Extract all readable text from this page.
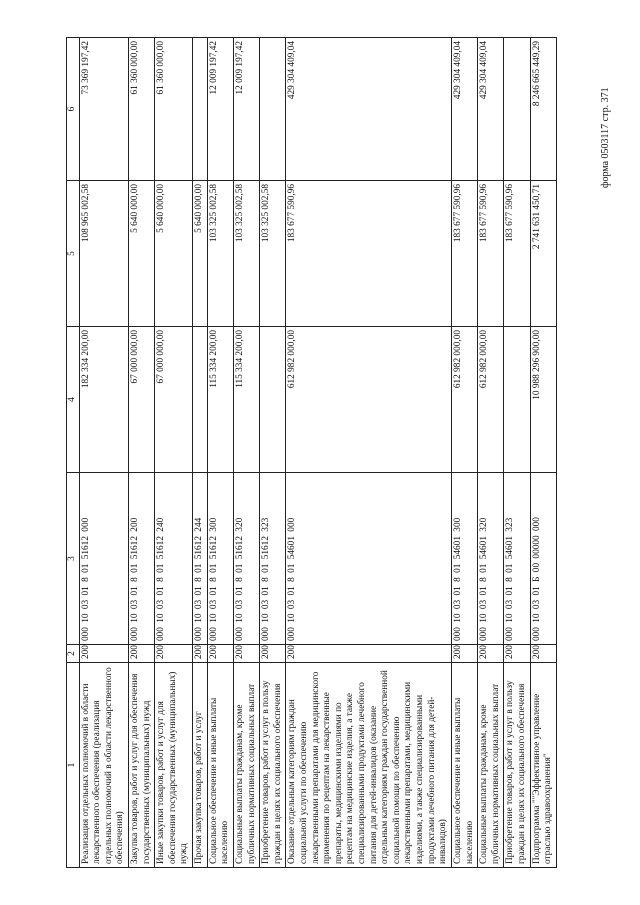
форма 0503117 стр. 371
1	2	3	4	5	6
Реализация отдельных полномочий в области лекарственного обеспечения (реализация отдельных полномочий в области лекарственного обеспечения)	200	000 10 03 01 8 01 51612 000	182 334 200,00	108 965 002,58	73 369 197,42
Закупка товаров, работ и услуг для обеспечения государственных (муниципальных) нужд	200	000 10 03 01 8 01 51612 200	67 000 000,00	5 640 000,00	61 360 000,00
Иные закупки товаров, работ и услуг для обеспечения государственных (муниципальных) нужд	200	000 10 03 01 8 01 51612 240	67 000 000,00	5 640 000,00	61 360 000,00
Прочая закупка товаров, работ и услуг	200	000 10 03 01 8 01 51612 244		5 640 000,00	
Социальное обеспечение и иные выплаты населению	200	000 10 03 01 8 01 51612 300	115 334 200,00	103 325 002,58	12 009 197,42
Социальные выплаты гражданам, кроме публичных нормативных социальных выплат	200	000 10 03 01 8 01 51612 320	115 334 200,00	103 325 002,58	12 009 197,42
Приобретение товаров, работ и услуг в пользу граждан в целях их социального обеспечения	200	000 10 03 01 8 01 51612 323		103 325 002,58	
Оказание отдельным категориям граждан социальной услуги по обеспечению лекарственными препаратами для медицинского применения по рецептам на лекарственные препараты, медицинскими изделиями по рецептам на медицинские изделия, а также специализированными продуктами лечебного питания для детей-инвалидов (оказание отдельным категориям граждан государственной социальной помощи по обеспечению лекарственными препаратами, медицинскими изделиями, а также специализированными продуктами лечебного питания для детей-инвалидов)	200	000 10 03 01 8 01 54601 000	612 982 000,00	183 677 590,96	429 304 409,04
Социальное обеспечение и иные выплаты населению	200	000 10 03 01 8 01 54601 300	612 982 000,00	183 677 590,96	429 304 409,04
Социальные выплаты гражданам, кроме публичных нормативных социальных выплат	200	000 10 03 01 8 01 54601 320	612 982 000,00	183 677 590,96	429 304 409,04
Приобретение товаров, работ и услуг в пользу граждан в целях их социального обеспечения	200	000 10 03 01 8 01 54601 323		183 677 590,96	
Подпрограмма ""Эффективное управление отраслью здравоохранения"	200	000 10 03 01 Б 00 00000 000	10 988 296 900,00	2 741 631 450,71	8 246 665 449,29
